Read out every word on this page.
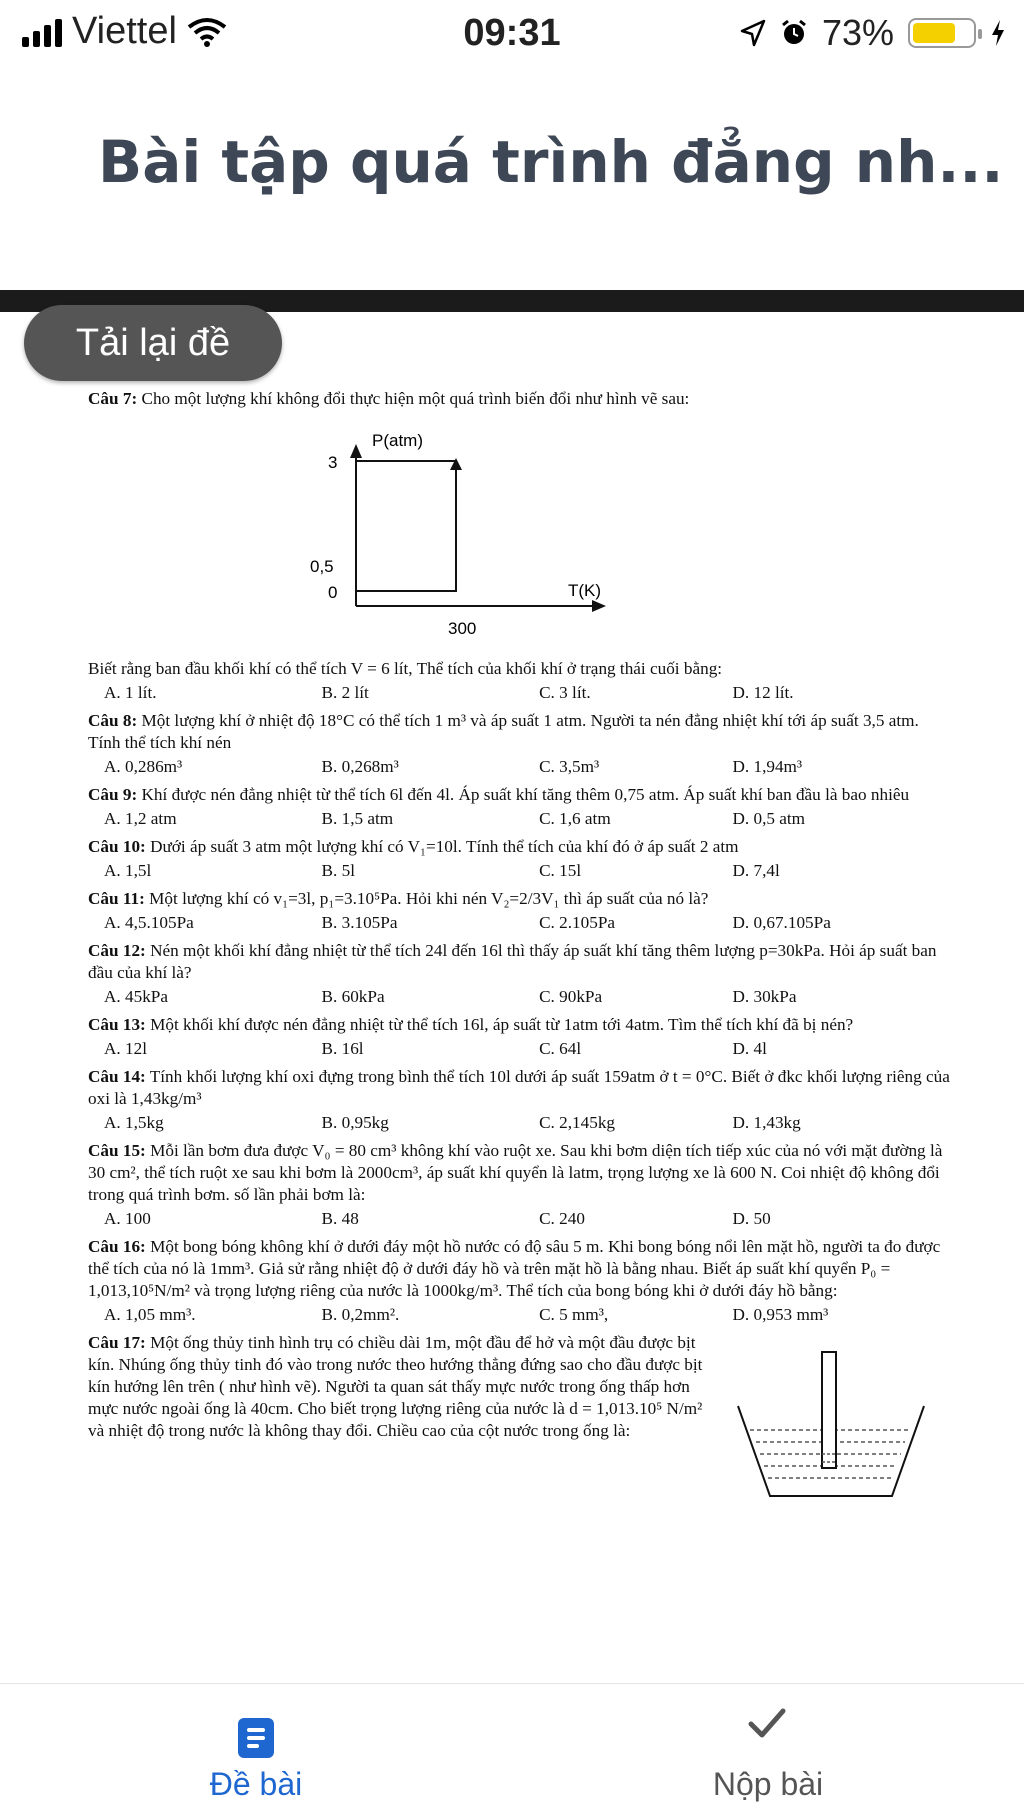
Viettel	09:31	73%
Bài tập quá trình đẳng nh...
Tải lại đề

Câu 7: Cho một lượng khí không đổi thực hiện một quá trình biến đổi như hình vẽ sau:

P(atm)
3
0,5
0	T(K)
300

Biết rằng ban đầu khối khí có thể tích V = 6 lít, Thể tích của khối khí ở trạng thái cuối bằng:

A. 1 lít.	B. 2 lít	C. 3 lít.	D. 12 lít.

Câu 8: Một lượng khí ở nhiệt độ 18°C có thể tích 1 m³ và áp suất 1 atm. Người ta nén đẳng nhiệt khí tới áp suất 3,5 atm. Tính thể tích khí nén

A. 0,286m³	B. 0,268m³	C. 3,5m³	D. 1,94m³

Câu 9: Khí được nén đẳng nhiệt từ thể tích 6l đến 4l. Áp suất khí tăng thêm 0,75 atm. Áp suất khí ban đầu là bao nhiêu

A. 1,2 atm	B. 1,5 atm	C. 1,6 atm	D. 0,5 atm

Câu 10: Dưới áp suất 3 atm một lượng khí có V₁=10l. Tính thể tích của khí đó ở áp suất 2 atm

A. 1,5l	B. 5l	C. 15l	D. 7,4l

Câu 11: Một lượng khí có v₁=3l, p₁=3.10⁵Pa. Hỏi khi nén V₂=2/3V₁ thì áp suất của nó là?

A. 4,5.105Pa	B. 3.105Pa	C. 2.105Pa	D. 0,67.105Pa

Câu 12: Nén một khối khí đẳng nhiệt từ thể tích 24l đến 16l thì thấy áp suất khí tăng thêm lượng p=30kPa. Hỏi áp suất ban đầu của khí là?

A. 45kPa	B. 60kPa	C. 90kPa	D. 30kPa

Câu 13: Một khối khí được nén đẳng nhiệt từ thể tích 16l, áp suất từ 1atm tới 4atm. Tìm thể tích khí đã bị nén?

A. 12l	B. 16l	C. 64l	D. 4l

Câu 14: Tính khối lượng khí oxi đựng trong bình thể tích 10l dưới áp suất 159atm ở t = 0°C. Biết ở đkc khối lượng riêng của oxi là 1,43kg/m³

A. 1,5kg	B. 0,95kg	C. 2,145kg	D. 1,43kg

Câu 15: Mỗi lần bơm đưa được V₀ = 80 cm³ không khí vào ruột xe. Sau khi bơm diện tích tiếp xúc của nó với mặt đường là 30 cm², thể tích ruột xe sau khi bơm là 2000cm³, áp suất khí quyển là latm, trọng lượng xe là 600 N. Coi nhiệt độ không đổi trong quá trình bơm. số lần phải bơm là:

A. 100	B. 48	C. 240	D. 50

Câu 16: Một bong bóng không khí ở dưới đáy một hồ nước có độ sâu 5 m. Khi bong bóng nổi lên mặt hồ, người ta đo được thể tích của nó là 1mm³. Giả sử rằng nhiệt độ ở dưới đáy hồ và trên mặt hồ là bằng nhau. Biết áp suất khí quyển P₀ = 1,013,10⁵N/m² và trọng lượng riêng của nước là 1000kg/m³. Thể tích của bong bóng khi ở dưới đáy hồ bằng:

A. 1,05 mm³.	B. 0,2mm².	C. 5 mm³,	D. 0,953 mm³

Câu 17: Một ống thủy tinh hình trụ có chiều dài 1m, một đầu để hở và một đầu được bịt kín. Nhúng ống thủy tinh đó vào trong nước theo hướng thẳng đứng sao cho đầu được bịt kín hướng lên trên ( như hình vẽ). Người ta quan sát thấy mực nước trong ống thấp hơn mực nước ngoài ống là 40cm. Cho biết trọng lượng riêng của nước là d = 1,013.10⁵ N/m² và nhiệt độ trong nước là không thay đổi. Chiều cao của cột nước trong ống là:

Đề bài	Nộp bài
